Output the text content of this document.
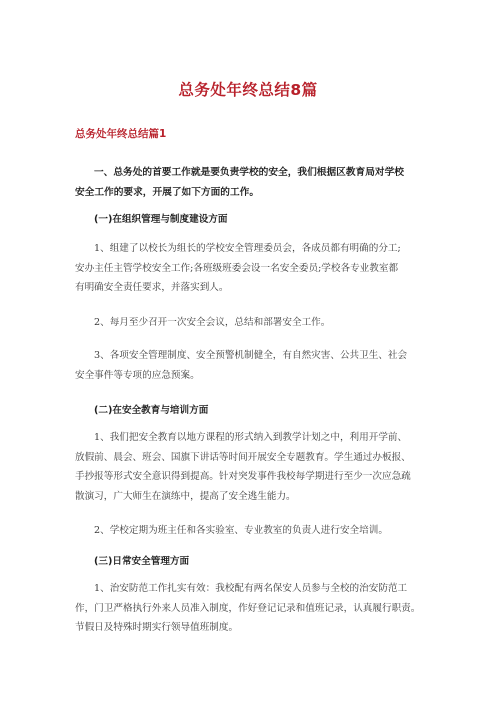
总务处年终总结8篇
总务处年终总结篇1

一、总务处的首要工作就是要负责学校的安全，我们根据区教育局对学校
安全工作的要求，开展了如下方面的工作。

(一)在组织管理与制度建设方面

1、组建了以校长为组长的学校安全管理委员会，各成员都有明确的分工;
安办主任主管学校安全工作;各班级班委会设一名安全委员;学校各专业教室都
有明确安全责任要求，并落实到人。

2、每月至少召开一次安全会议，总结和部署安全工作。

3、各项安全管理制度、安全预警机制健全，有自然灾害、公共卫生、社会
安全事件等专项的应急预案。

(二)在安全教育与培训方面

1、我们把安全教育以地方课程的形式纳入到教学计划之中，利用开学前、
放假前、晨会、班会、国旗下讲话等时间开展安全专题教育。学生通过办板报、
手抄报等形式安全意识得到提高。针对突发事件我校每学期进行至少一次应急疏
散演习，广大师生在演练中，提高了安全逃生能力。

2、学校定期为班主任和各实验室、专业教室的负责人进行安全培训。

(三)日常安全管理方面

1、治安防范工作扎实有效：我校配有两名保安人员参与全校的治安防范工
作，门卫严格执行外来人员准入制度，作好登记记录和值班记录，认真履行职责。
节假日及特殊时期实行领导值班制度。
